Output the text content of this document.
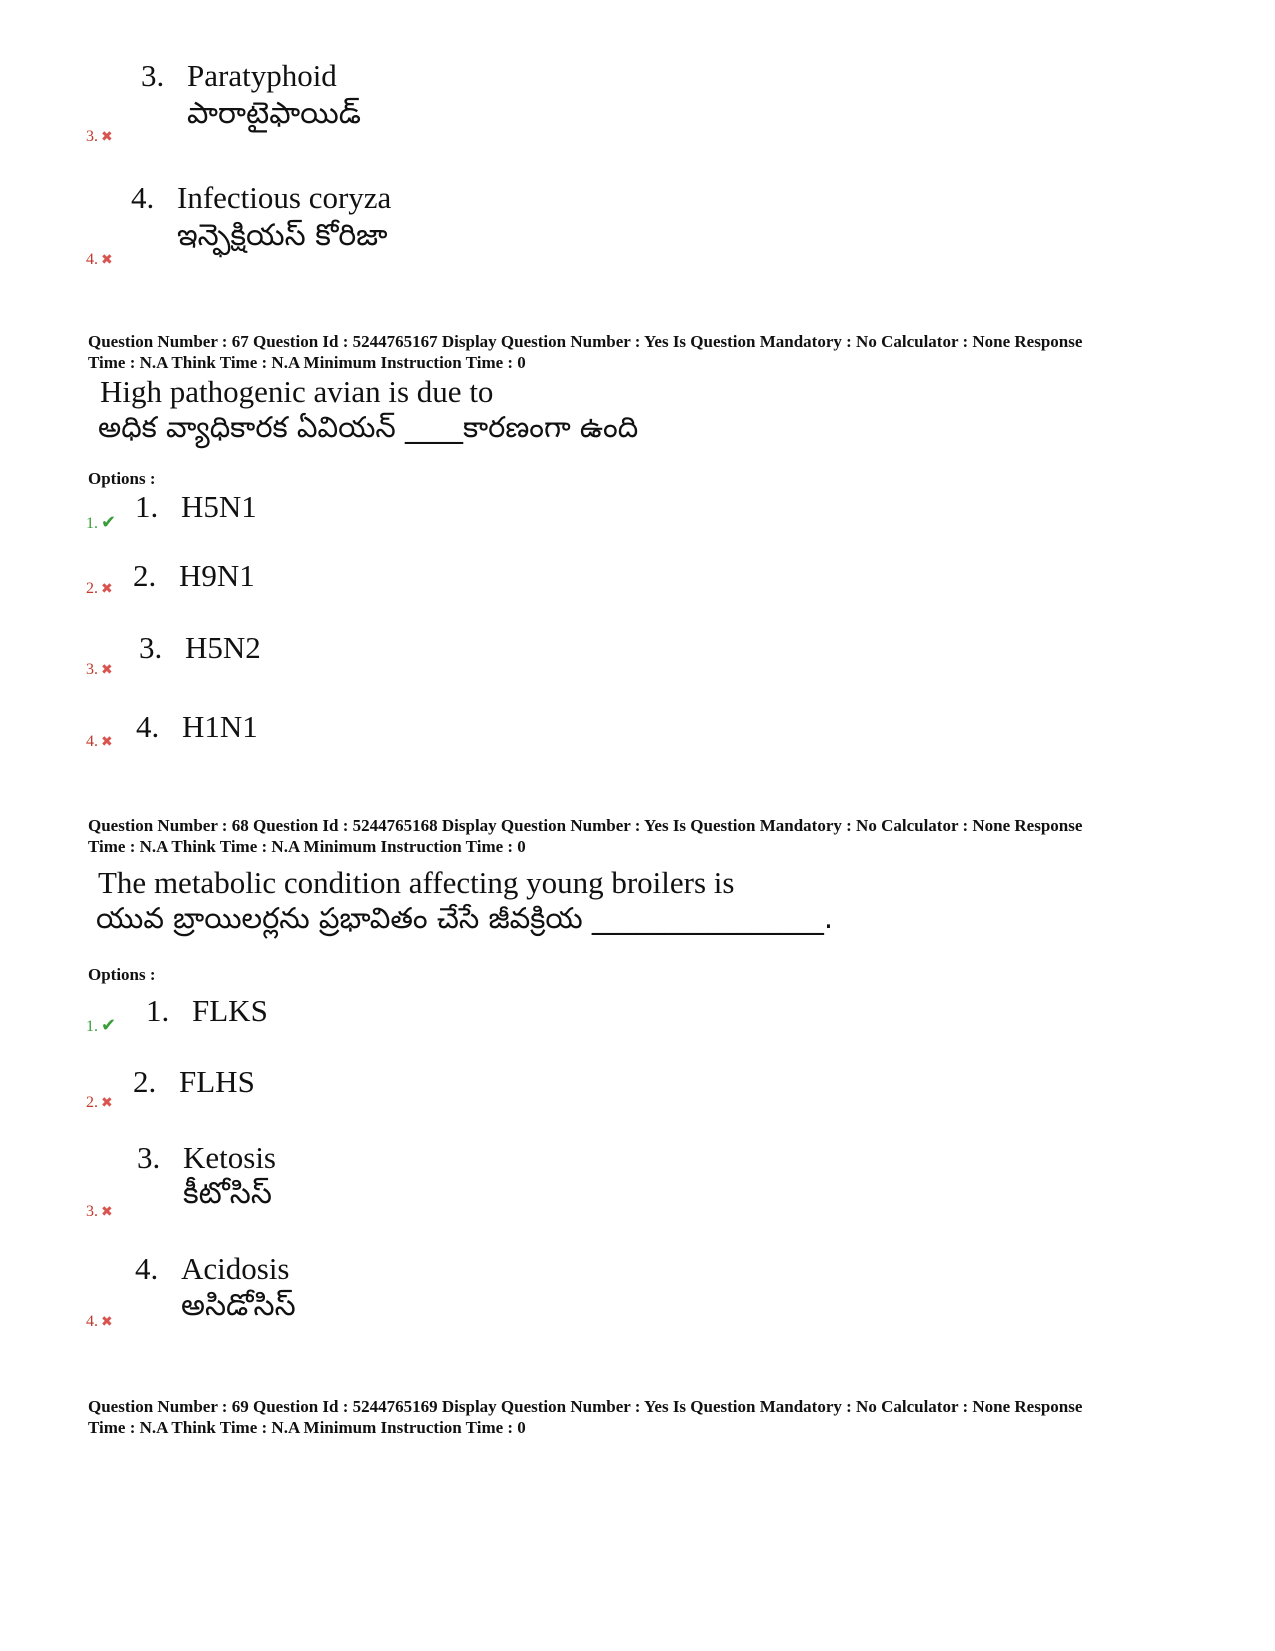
3. Paratyphoid
పారాటైఫాయిడ్
3. ✖
4. Infectious coryza
ఇన్ఫెక్షియస్ కోరిజా
4. ✖
Question Number : 67 Question Id : 5244765167 Display Question Number : Yes Is Question Mandatory : No Calculator : None Response
Time : N.A Think Time : N.A Minimum Instruction Time : 0
High pathogenic avian is due to
అధిక వ్యాధికారక ఏవియన్ ____కారణంగా ఉంది
Options :
1. H5N1
1. ✔
2. H9N1
2. ✖
3. H5N2
3. ✖
4. H1N1
4. ✖
Question Number : 68 Question Id : 5244765168 Display Question Number : Yes Is Question Mandatory : No Calculator : None Response
Time : N.A Think Time : N.A Minimum Instruction Time : 0
The metabolic condition affecting young broilers is
యువ బ్రాయిలర్లను ప్రభావితం చేసే జీవక్రియ ________________.
Options :
1. FLKS
1. ✔
2. FLHS
2. ✖
3. Ketosis
కీటోసిస్
3. ✖
4. Acidosis
అసిడోసిస్
4. ✖
Question Number : 69 Question Id : 5244765169 Display Question Number : Yes Is Question Mandatory : No Calculator : None Response
Time : N.A Think Time : N.A Minimum Instruction Time : 0
